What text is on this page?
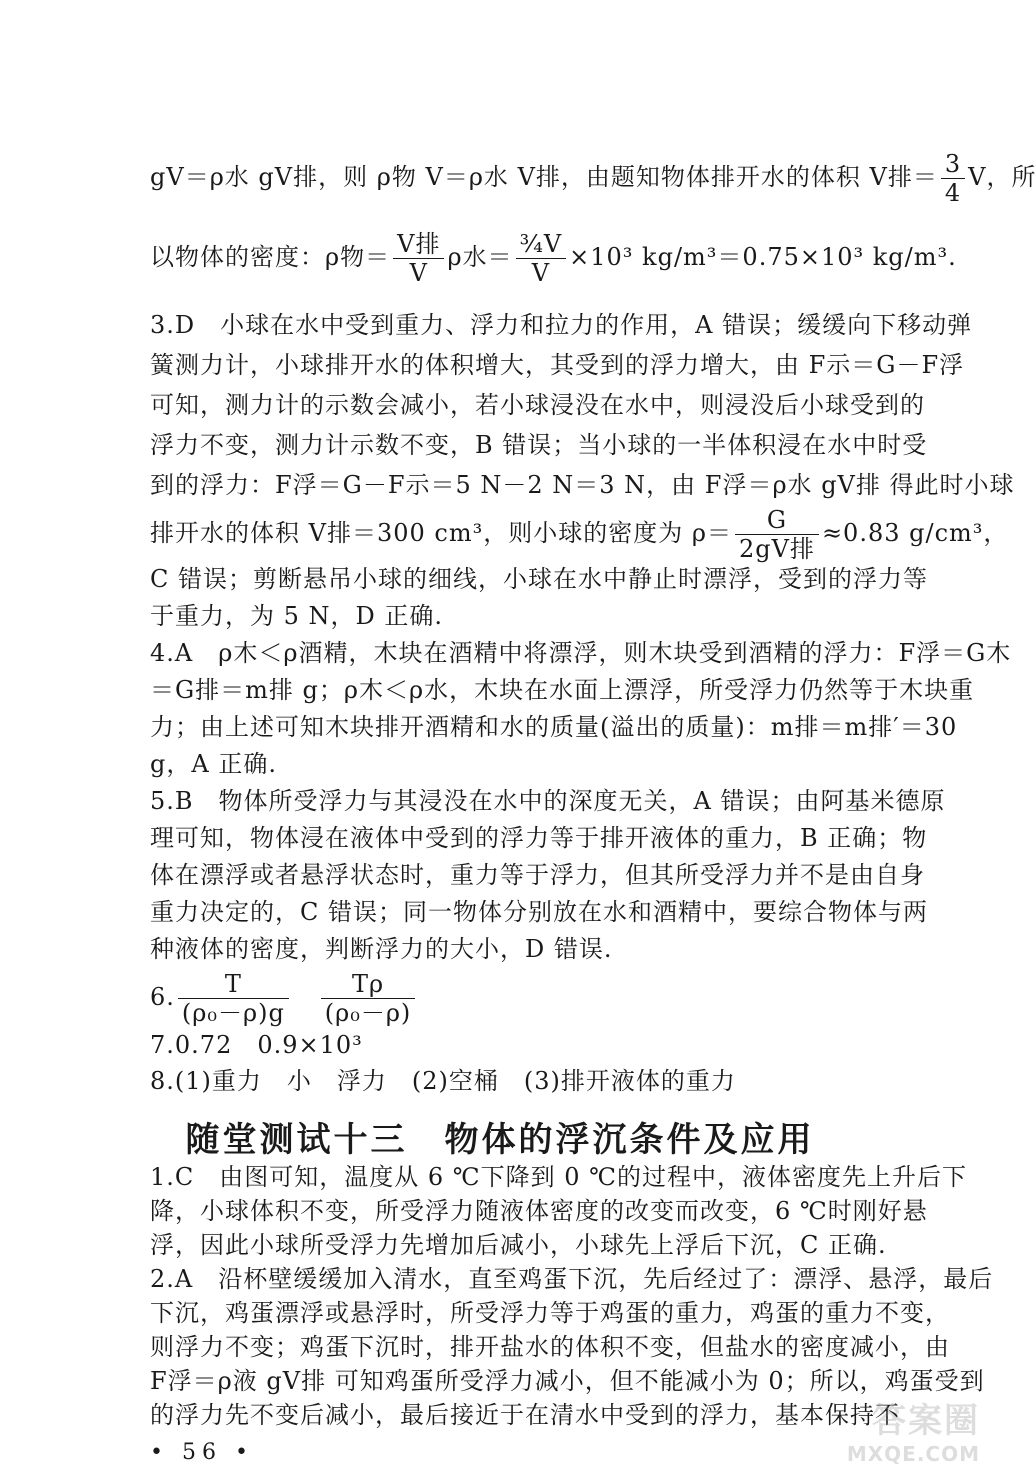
gV＝ρ水 gV排，则 ρ物 V＝ρ水 V排，由题知物体排开水的体积 V排＝ $\frac{3}{4}$ V，所
以物体的密度：ρ物＝ $\frac{\text{V排}}{V}$ ρ水＝ $\frac{\text{¾V}}{V} \times 10^3$ kg/m³＝0.75×10³ kg/m³.
3.D　小球在水中受到重力、浮力和拉力的作用，A 错误；缓缓向下移动弹
簧测力计，小球排开水的体积增大，其受到的浮力增大，由 F示＝G－F浮
可知，测力计的示数会减小，若小球浸没在水中，则浸没后小球受到的
浮力不变，测力计示数不变，B 错误；当小球的一半体积浸在水中时受
到的浮力：F浮＝G－F示＝5 N－2 N＝3 N，由 F浮＝ρ水 gV排 得此时小球
排开水的体积 V排＝300 cm³，则小球的密度为 $\rho= \frac{G}{\text{2gV排}} \approx 0.83$ g/cm³，
C 错误；剪断悬吊小球的细线，小球在水中静止时漂浮，受到的浮力等
于重力，为 5 N，D 正确.
4.A　ρ木＜ρ酒精，木块在酒精中将漂浮，则木块受到酒精的浮力：F浮＝G木
＝G排＝m排 g；ρ木＜ρ水，木块在水面上漂浮，所受浮力仍然等于木块重
力；由上述可知木块排开酒精和水的质量(溢出的质量)：m排＝m排′＝30
g，A 正确.
5.B　物体所受浮力与其浸没在水中的深度无关，A 错误；由阿基米德原
理可知，物体浸在液体中受到的浮力等于排开液体的重力，B 正确；物
体在漂浮或者悬浮状态时，重力等于浮力，但其所受浮力并不是由自身
重力决定的，C 错误；同一物体分别放在水和酒精中，要综合物体与两
种液体的密度，判断浮力的大小，D 错误.
6. $\frac{T}{\text{(ρ₀－ρ)g}}$
$\frac{T\rho}{\text{(ρ₀－ρ)}}$
7.0.72　0.9×10³
8.(1)重力　小　浮力　(2)空桶　(3)排开液体的重力
随堂测试十三　物体的浮沉条件及应用
1.C　由图可知，温度从 6 ℃下降到 0 ℃的过程中，液体密度先上升后下
降，小球体积不变，所受浮力随液体密度的改变而改变，6 ℃时刚好悬
浮，因此小球所受浮力先增加后减小，小球先上浮后下沉，C 正确.
2.A　沿杯壁缓缓加入清水，直至鸡蛋下沉，先后经过了：漂浮、悬浮，最后
下沉，鸡蛋漂浮或悬浮时，所受浮力等于鸡蛋的重力，鸡蛋的重力不变，
则浮力不变；鸡蛋下沉时，排开盐水的体积不变，但盐水的密度减小，由
F浮＝ρ液 gV排 可知鸡蛋所受浮力减小，但不能减小为 0；所以，鸡蛋受到
的浮力先不变后减小，最后接近于在清水中受到的浮力，基本保持不
• 56 •
答案圈
MXQE.COM
